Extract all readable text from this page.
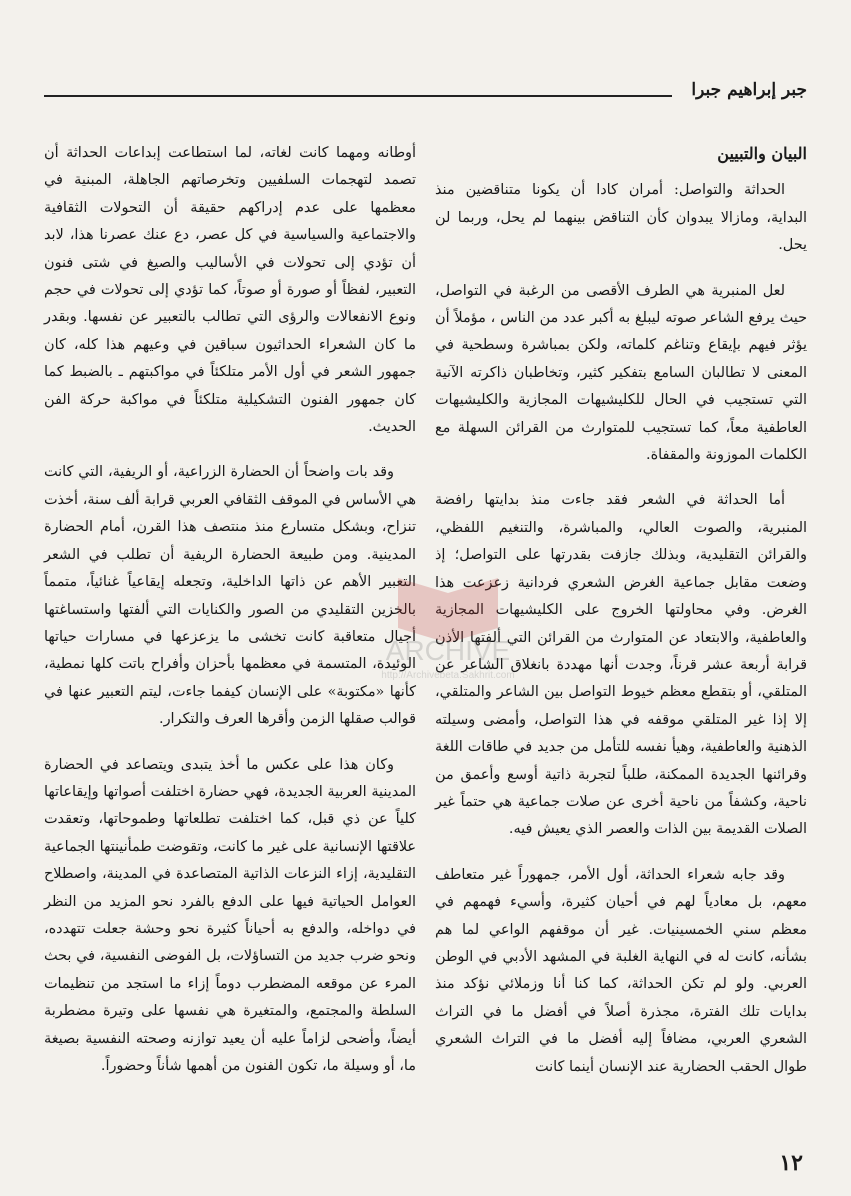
جبر إبراهيم جبرا
البيان والتبيين

الحداثة والتواصل: أمران كادا أن يكونا متناقضين منذ البداية، ومازالا يبدوان كأن التناقض بينهما لم يحل، وربما لن يحل.

لعل المنبرية هي الطرف الأقصى من الرغبة في التواصل، حيث يرفع الشاعر صوته ليبلغ به أكبر عدد من الناس ، مؤملاً أن يؤثر فيهم بإيقاع وتناغم كلماته، ولكن بمباشرة وسطحية في المعنى لا تطالبان السامع بتفكير كثير، وتخاطبان ذاكرته الآنية التي تستجيب في الحال للكليشيهات المجازية والكليشيهات العاطفية معاً، كما تستجيب للمتوارث من القرائن السهلة مع الكلمات الموزونة والمقفاة.

أما الحداثة في الشعر فقد جاءت منذ بدايتها رافضة المنبرية، والصوت العالي، والمباشرة، والتنغيم اللفظي، والقرائن التقليدية، وبذلك جازفت بقدرتها على التواصل؛ إذ وضعت مقابل جماعية الغرض الشعري فردانية زعزعت هذا الغرض. وفي محاولتها الخروج على الكليشيهات المجازية والعاطفية، والابتعاد عن المتوارث من القرائن التي ألفتها الأذن قرابة أربعة عشر قرناً، وجدت أنها مهددة بانغلاق الشاعر عن المتلقي، أو بتقطع معظم خيوط التواصل بين الشاعر والمتلقي، إلا إذا غير المتلقي موقفه في هذا التواصل، وأمضى وسيلته الذهنية والعاطفية، وهيأ نفسه للتأمل من جديد في طاقات اللغة وقرائنها الجديدة الممكنة، طلباً لتجربة ذاتية أوسع وأعمق من ناحية، وكشفاً من ناحية أخرى عن صلات جماعية هي حتماً غير الصلات القديمة بين الذات والعصر الذي يعيش فيه.

وقد جابه شعراء الحداثة، أول الأمر، جمهوراً غير متعاطف معهم، بل معادياً لهم في أحيان كثيرة، وأسيء فهمهم في معظم سني الخمسينيات. غير أن موقفهم الواعي لما هم بشأنه، كانت له في النهاية الغلبة في المشهد الأدبي في الوطن العربي. ولو لم تكن الحداثة، كما كنا أنا وزملائي نؤكد منذ بدايات تلك الفترة، مجذرة أصلاً في أفضل ما في التراث الشعري العربي، مضافاً إليه أفضل ما في التراث الشعري طوال الحقب الحضارية عند الإنسان أينما كانت

أوطانه ومهما كانت لغاته، لما استطاعت إبداعات الحداثة أن تصمد لتهجمات السلفيين وتخرصاتهم الجاهلة، المبنية في معظمها على عدم إدراكهم حقيقة أن التحولات الثقافية والاجتماعية والسياسية في كل عصر، دع عنك عصرنا هذا، لابد أن تؤدي إلى تحولات في الأساليب والصيغ في شتى فنون التعبير، لفظاً أو صورة أو صوتاً، كما تؤدي إلى تحولات في حجم ونوع الانفعالات والرؤى التي تطالب بالتعبير عن نفسها. وبقدر ما كان الشعراء الحداثيون سباقين في وعيهم هذا كله، كان جمهور الشعر في أول الأمر متلكئاً في مواكبتهم ـ بالضبط كما كان جمهور الفنون التشكيلية متلكئاً في مواكبة حركة الفن الحديث.

وقد بات واضحاً أن الحضارة الزراعية، أو الريفية، التي كانت هي الأساس في الموقف الثقافي العربي قرابة ألف سنة، أخذت تنزاح، وبشكل متسارع منذ منتصف هذا القرن، أمام الحضارة المدينية. ومن طبيعة الحضارة الريفية أن تطلب في الشعر التعبير الأهم عن ذاتها الداخلية، وتجعله إيقاعياً غنائياً، متمماً بالخزين التقليدي من الصور والكنايات التي ألفتها واستساغتها أجيال متعاقبة كانت تخشى ما يزعزعها في مسارات حياتها الوئيدة، المتسمة في معظمها بأحزان وأفراح باتت كلها نمطية، كأنها «مكتوبة» على الإنسان كيفما جاءت، ليتم التعبير عنها في قوالب صقلها الزمن وأقرها العرف والتكرار.

وكان هذا على عكس ما أخذ يتبدى ويتصاعد في الحضارة المدينية العربية الجديدة، فهي حضارة اختلفت أصواتها وإيقاعاتها كلياً عن ذي قبل، كما اختلفت تطلعاتها وطموحاتها، وتعقدت علاقتها الإنسانية على غير ما كانت، وتقوضت طمأنينتها الجماعية التقليدية، إزاء النزعات الذاتية المتصاعدة في المدينة، واصطلاح العوامل الحياتية فيها على الدفع بالفرد نحو المزيد من النظر في دواخله، والدفع به أحياناً كثيرة نحو وحشة جعلت تتهدده، ونحو ضرب جديد من التساؤلات، بل الفوضى النفسية، في بحث المرء عن موقعه المضطرب دوماً إزاء ما استجد من تنظيمات السلطة والمجتمع، والمتغيرة هي نفسها على وتيرة مضطربة أيضاً، وأضحى لزاماً عليه أن يعيد توازنه وصحته النفسية بصيغة ما، أو وسيلة ما، تكون الفنون من أهمها شأناً وحضوراً.

ARCHIVE
http://Archivebeta.Sakhrit.com
١٢
